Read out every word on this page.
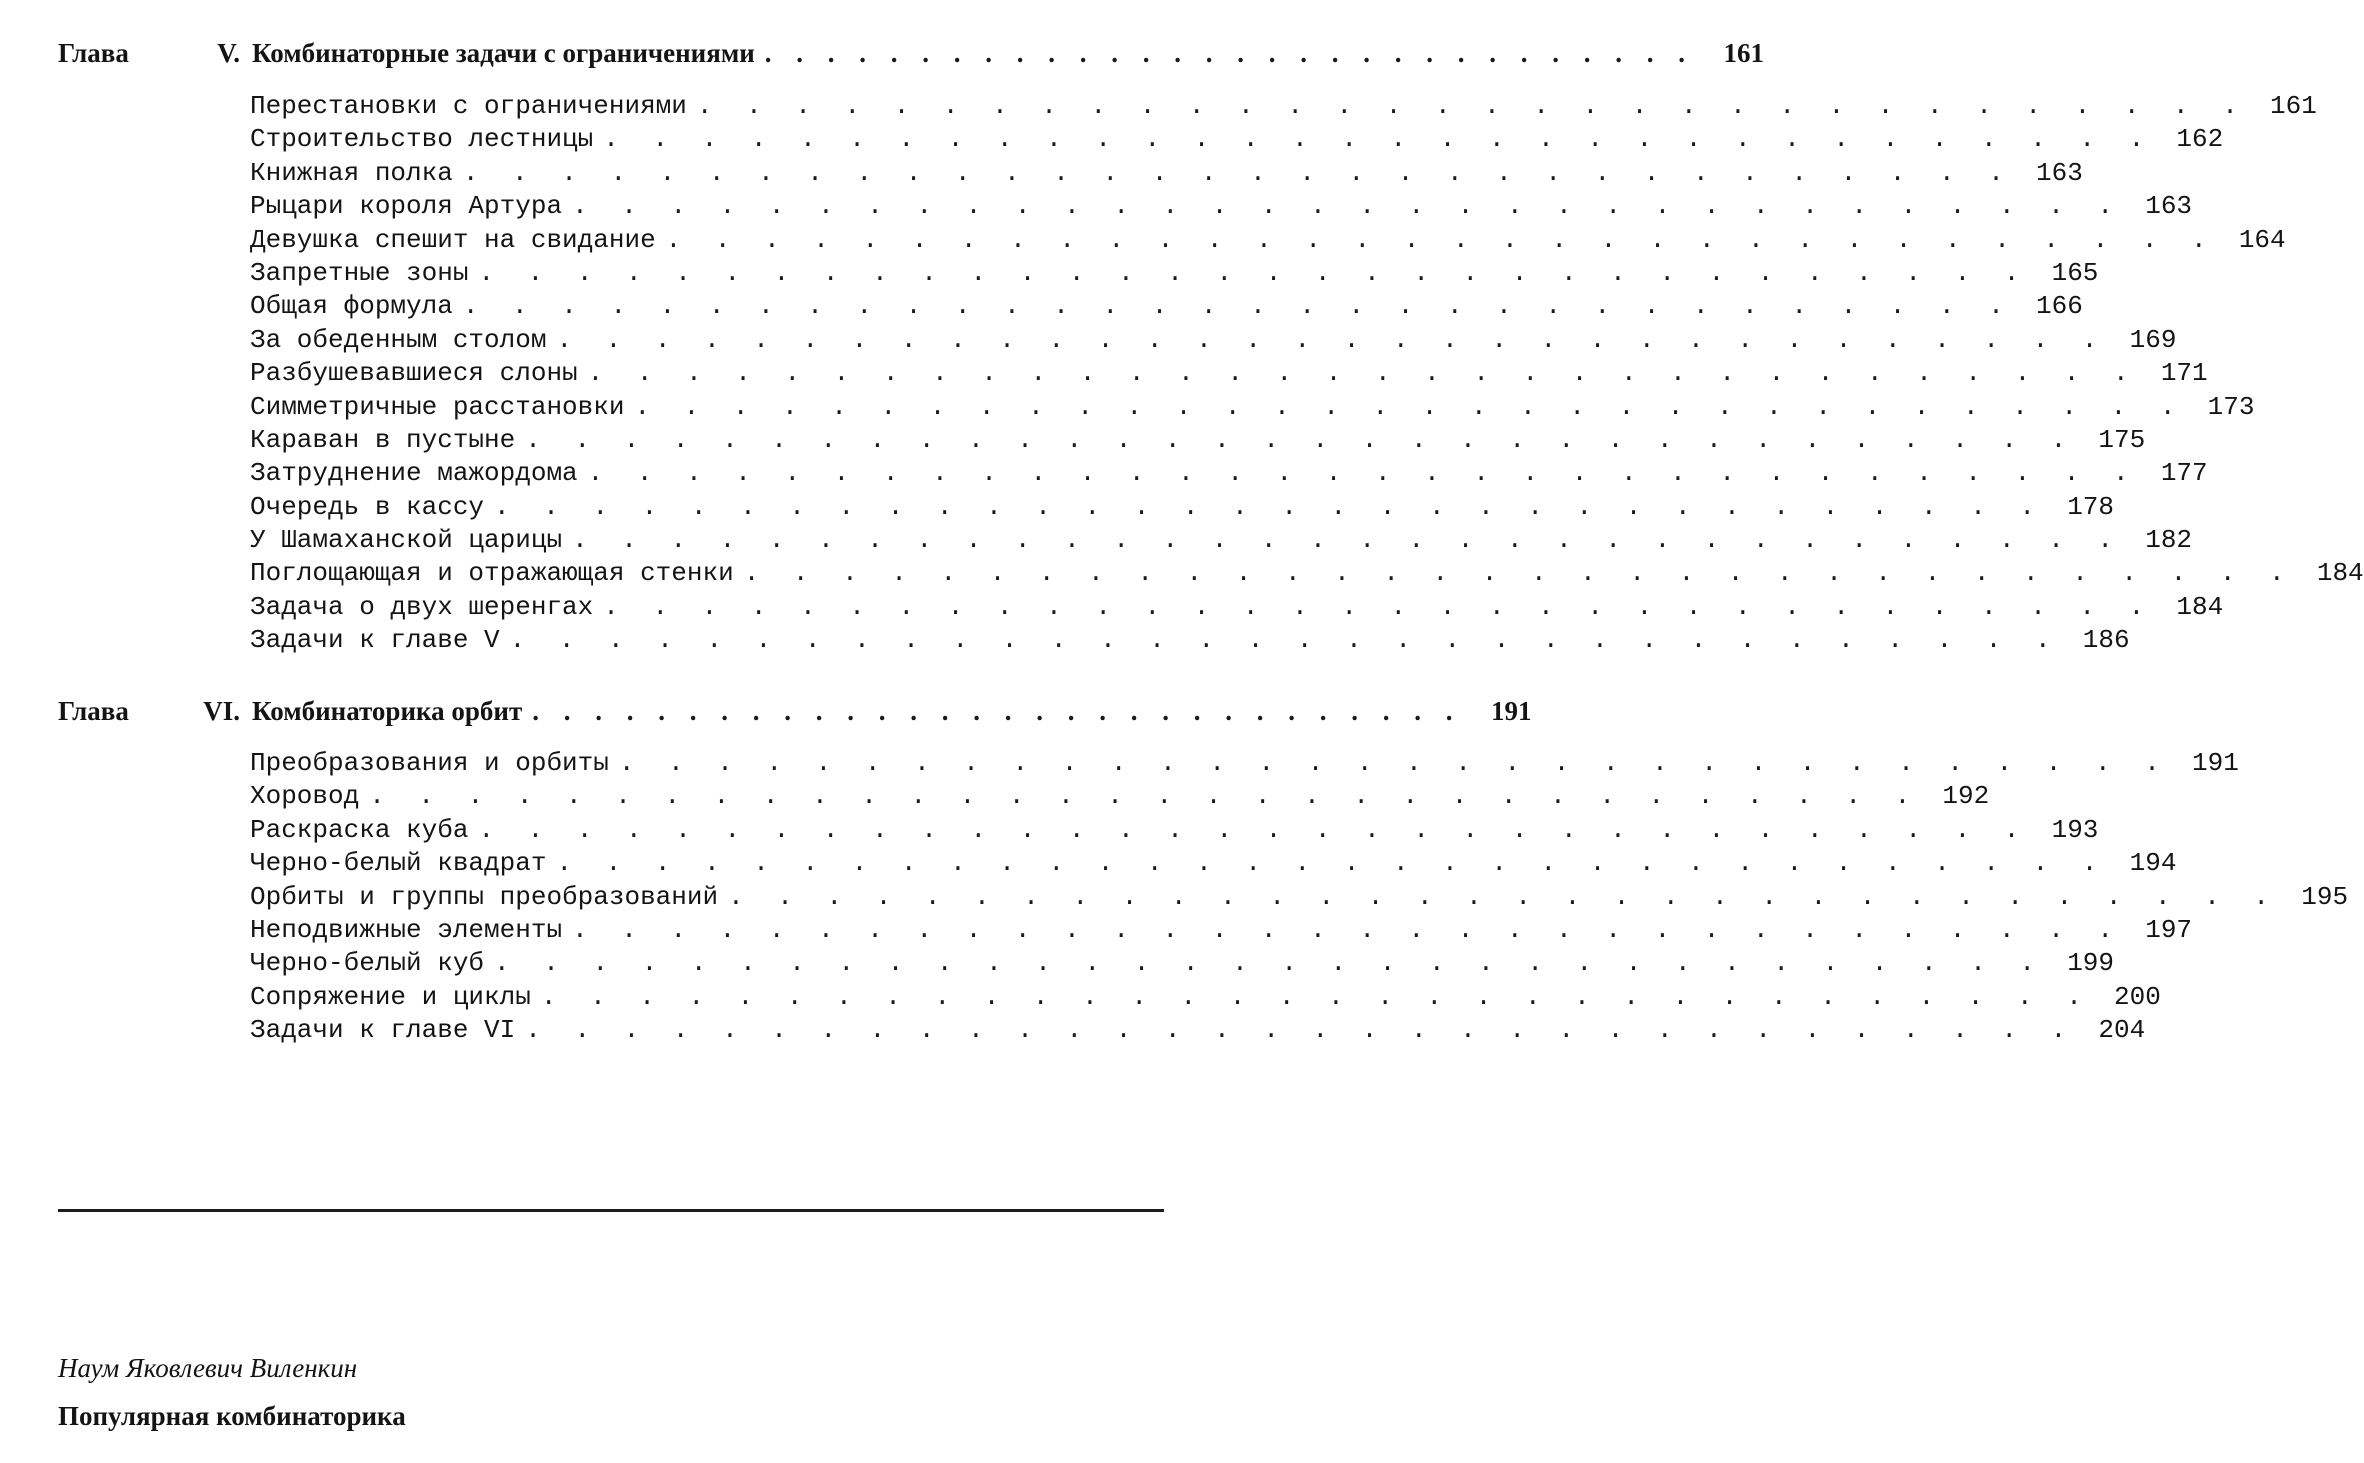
Глава	V. Комбинаторные задачи с ограничениями . . . . . . . . . . . . . . . . . . . . . . . . . . . . . .	161
Перестановки с ограничениями . . . . . . . . . . . . . . . . . . . . . . . . . . . . . . . . 161
Строительство лестницы . . . . . . . . . . . . . . . . . . . . . . . . . . . . . . . . 162
Книжная полка . . . . . . . . . . . . . . . . . . . . . . . . . . . . . . . . 163
Рыцари короля Артура . . . . . . . . . . . . . . . . . . . . . . . . . . . . . . . . 163
Девушка спешит на свидание . . . . . . . . . . . . . . . . . . . . . . . . . . . . . . . . 164
Запретные зоны . . . . . . . . . . . . . . . . . . . . . . . . . . . . . . . . 165
Общая формула . . . . . . . . . . . . . . . . . . . . . . . . . . . . . . . . 166
За обеденным столом . . . . . . . . . . . . . . . . . . . . . . . . . . . . . . . . 169
Разбушевавшиеся слоны . . . . . . . . . . . . . . . . . . . . . . . . . . . . . . . . 171
Симметричные расстановки . . . . . . . . . . . . . . . . . . . . . . . . . . . . . . . . 173
Караван в пустыне . . . . . . . . . . . . . . . . . . . . . . . . . . . . . . . . 175
Затруднение мажордома . . . . . . . . . . . . . . . . . . . . . . . . . . . . . . . . 177
Очередь в кассу . . . . . . . . . . . . . . . . . . . . . . . . . . . . . . . . 178
У Шамаханской царицы . . . . . . . . . . . . . . . . . . . . . . . . . . . . . . . . 182
Поглощающая и отражающая стенки . . . . . . . . . . . . . . . . . . . . . . . . . . . . . . . . 184
Задача о двух шеренгах . . . . . . . . . . . . . . . . . . . . . . . . . . . . . . . . 184
Задачи к главе V . . . . . . . . . . . . . . . . . . . . . . . . . . . . . . . . 186
Глава	VI. Комбинаторика орбит . . . . . . . . . . . . . . . . . . . . . . . . . . . . . .	191
Преобразования и орбиты . . . . . . . . . . . . . . . . . . . . . . . . . . . . . . . . 191
Хоровод . . . . . . . . . . . . . . . . . . . . . . . . . . . . . . . . 192
Раскраска куба . . . . . . . . . . . . . . . . . . . . . . . . . . . . . . . . 193
Черно-белый квадрат . . . . . . . . . . . . . . . . . . . . . . . . . . . . . . . . 194
Орбиты и группы преобразований . . . . . . . . . . . . . . . . . . . . . . . . . . . . . . . . 195
Неподвижные элементы . . . . . . . . . . . . . . . . . . . . . . . . . . . . . . . . 197
Черно-белый куб . . . . . . . . . . . . . . . . . . . . . . . . . . . . . . . . 199
Сопряжение и циклы . . . . . . . . . . . . . . . . . . . . . . . . . . . . . . . . 200
Задачи к главе VI . . . . . . . . . . . . . . . . . . . . . . . . . . . . . . . . 204
Наум Яковлевич Виленкин
Популярная комбинаторика
